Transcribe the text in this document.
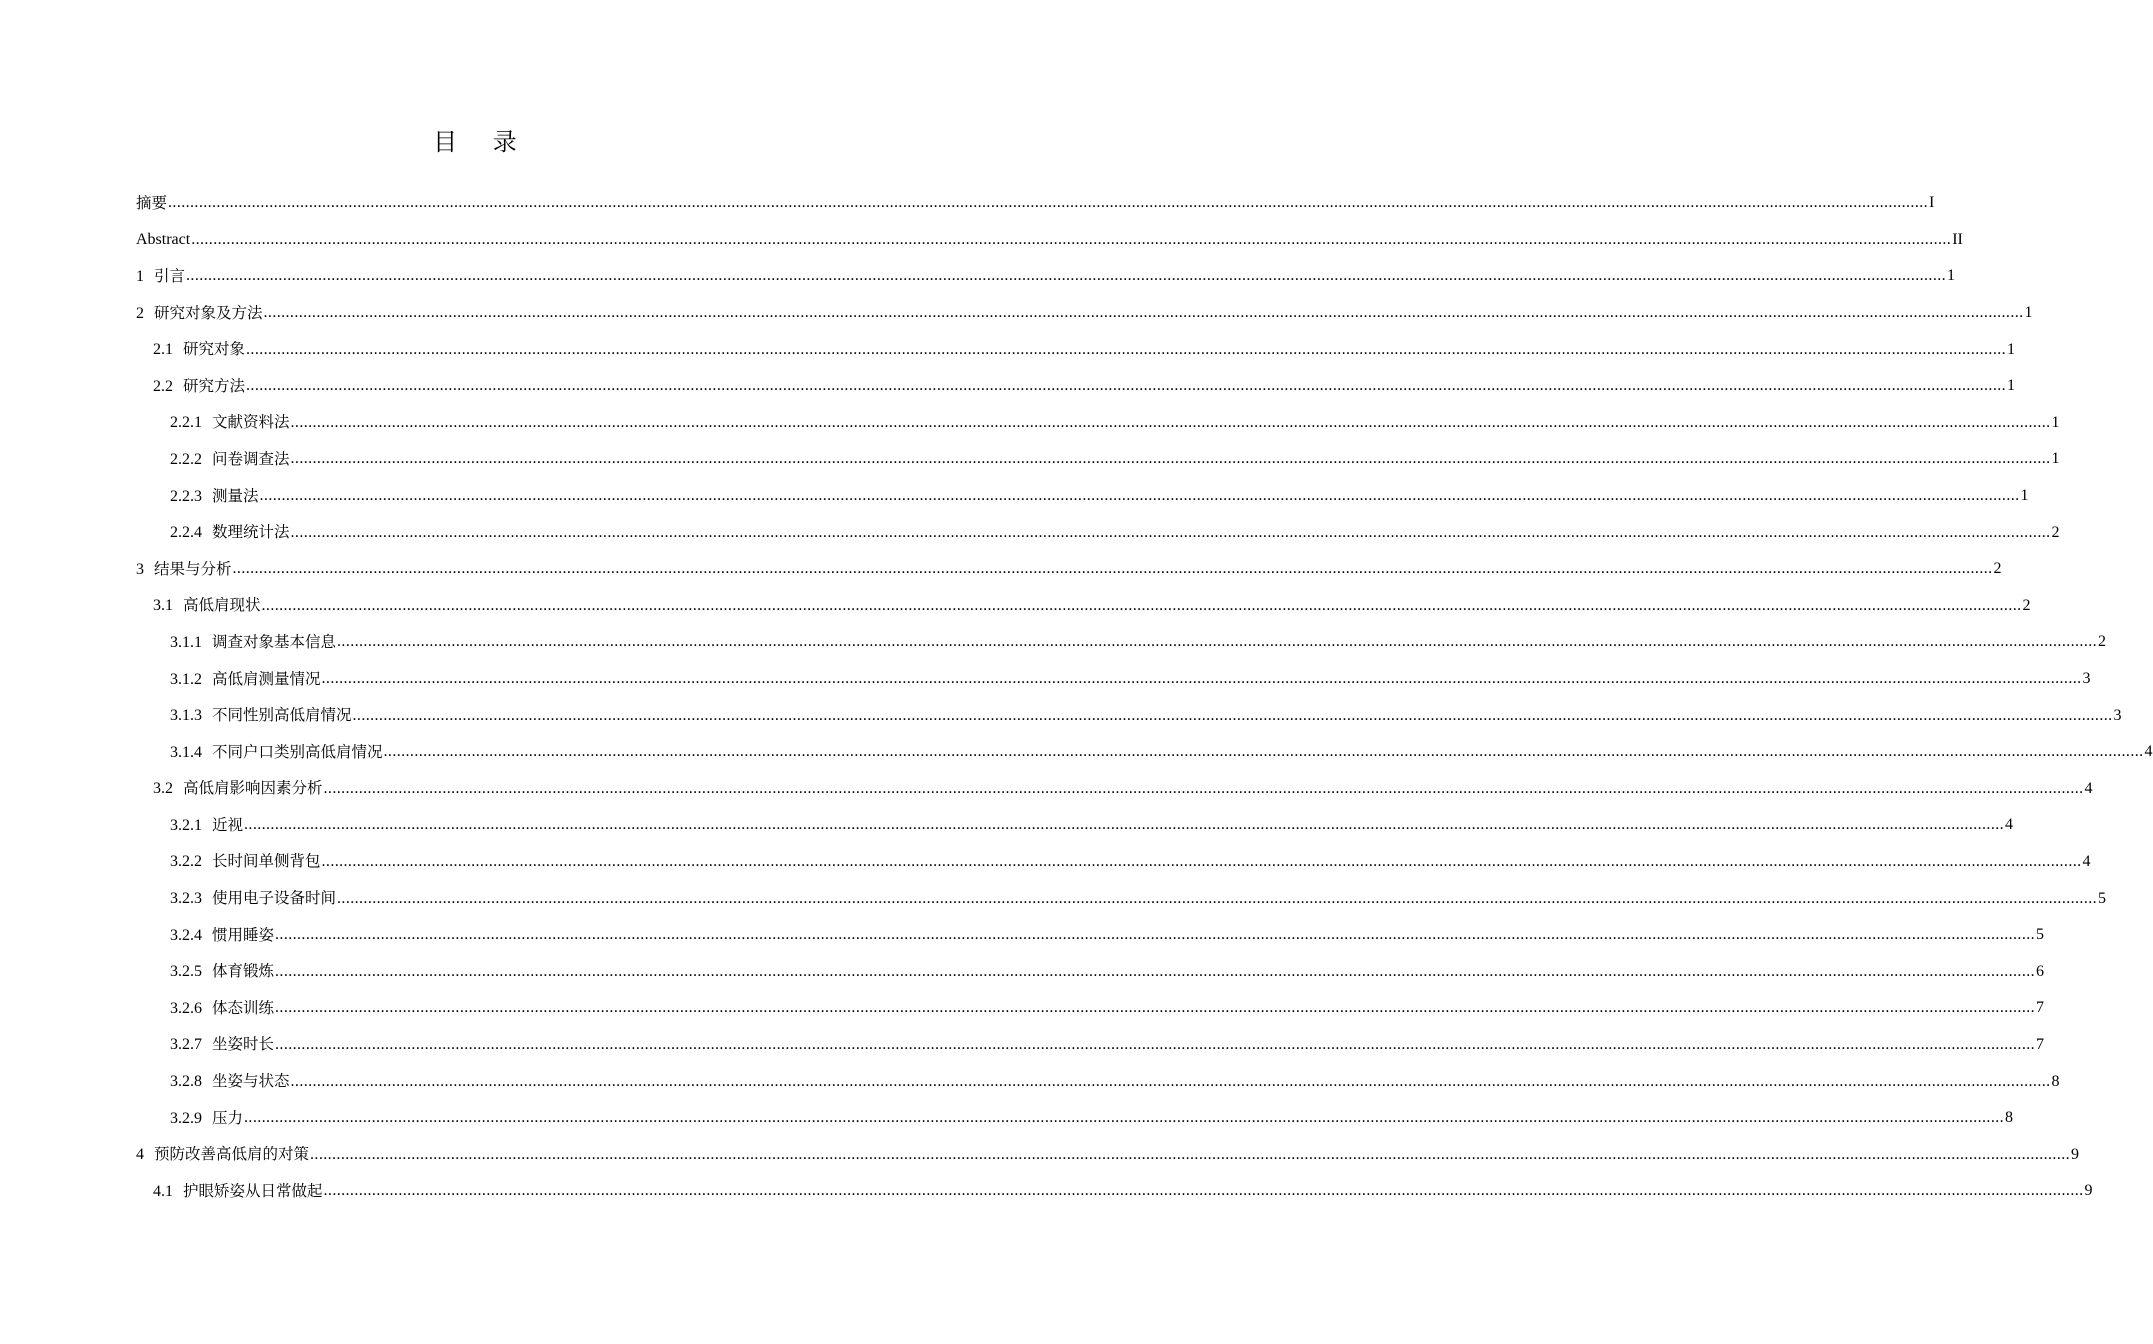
目 录
摘要 ................................................................................................................................................................................................................................................................................................................................................................................................................ I
Abstract ................................................................................................................................................................................................................................................................................................................................................................................................................ II
1 引言 ................................................................................................................................................................................................................................................................................................................................................................................................................ 1
2 研究对象及方法 ................................................................................................................................................................................................................................................................................................................................................................................................................ 1
2.1 研究对象 ................................................................................................................................................................................................................................................................................................................................................................................................................ 1
2.2 研究方法 ................................................................................................................................................................................................................................................................................................................................................................................................................ 1
2.2.1 文献资料法 ................................................................................................................................................................................................................................................................................................................................................................................................................ 1
2.2.2 问卷调查法 ................................................................................................................................................................................................................................................................................................................................................................................................................ 1
2.2.3 测量法 ................................................................................................................................................................................................................................................................................................................................................................................................................ 1
2.2.4 数理统计法 ................................................................................................................................................................................................................................................................................................................................................................................................................ 2
3 结果与分析 ................................................................................................................................................................................................................................................................................................................................................................................................................ 2
3.1 高低肩现状 ................................................................................................................................................................................................................................................................................................................................................................................................................ 2
3.1.1 调查对象基本信息 ................................................................................................................................................................................................................................................................................................................................................................................................................ 2
3.1.2 高低肩测量情况 ................................................................................................................................................................................................................................................................................................................................................................................................................ 3
3.1.3 不同性别高低肩情况 ................................................................................................................................................................................................................................................................................................................................................................................................................ 3
3.1.4 不同户口类别高低肩情况 ................................................................................................................................................................................................................................................................................................................................................................................................................ 4
3.2 高低肩影响因素分析 ................................................................................................................................................................................................................................................................................................................................................................................................................ 4
3.2.1 近视 ................................................................................................................................................................................................................................................................................................................................................................................................................ 4
3.2.2 长时间单侧背包 ................................................................................................................................................................................................................................................................................................................................................................................................................ 4
3.2.3 使用电子设备时间 ................................................................................................................................................................................................................................................................................................................................................................................................................ 5
3.2.4 惯用睡姿 ................................................................................................................................................................................................................................................................................................................................................................................................................ 5
3.2.5 体育锻炼 ................................................................................................................................................................................................................................................................................................................................................................................................................ 6
3.2.6 体态训练 ................................................................................................................................................................................................................................................................................................................................................................................................................ 7
3.2.7 坐姿时长 ................................................................................................................................................................................................................................................................................................................................................................................................................ 7
3.2.8 坐姿与状态 ................................................................................................................................................................................................................................................................................................................................................................................................................ 8
3.2.9 压力 ................................................................................................................................................................................................................................................................................................................................................................................................................ 8
4 预防改善高低肩的对策 ................................................................................................................................................................................................................................................................................................................................................................................................................ 9
4.1 护眼矫姿从日常做起 ................................................................................................................................................................................................................................................................................................................................................................................................................ 9
